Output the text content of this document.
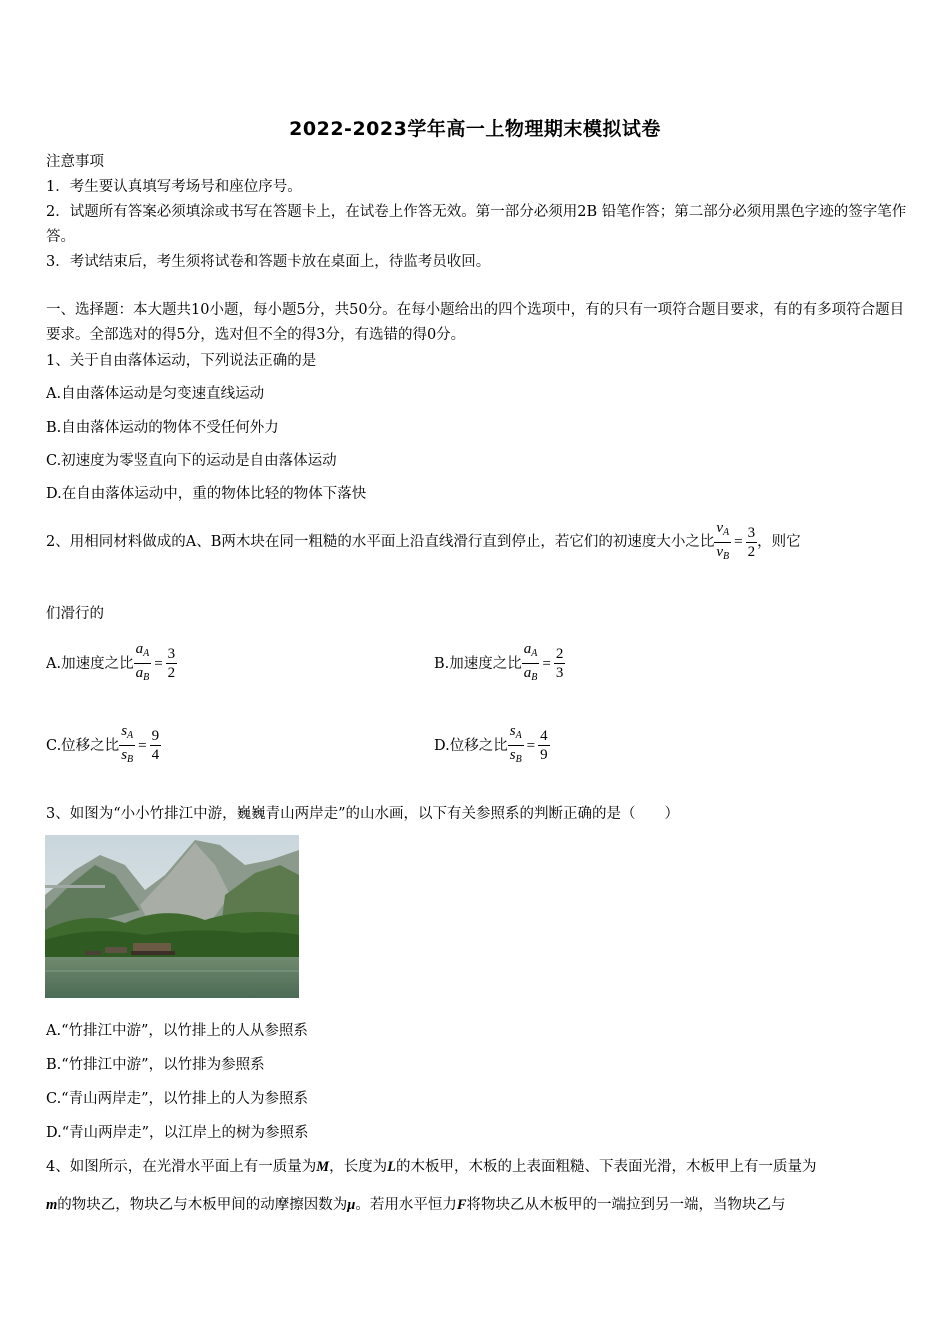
2022-2023学年高一上物理期末模拟试卷
注意事项
1．考生要认真填写考场号和座位序号。
2．试题所有答案必须填涂或书写在答题卡上，在试卷上作答无效。第一部分必须用2B 铅笔作答；第二部分必须用黑色字迹的签字笔作答。
3．考试结束后，考生须将试卷和答题卡放在桌面上，待监考员收回。
一、选择题：本大题共10小题，每小题5分，共50分。在每小题给出的四个选项中，有的只有一项符合题目要求，有的有多项符合题目要求。全部选对的得5分，选对但不全的得3分，有选错的得0分。
1、关于自由落体运动，下列说法正确的是
A.自由落体运动是匀变速直线运动
B.自由落体运动的物体不受任何外力
C.初速度为零竖直向下的运动是自由落体运动
D.在自由落体运动中，重的物体比轻的物体下落快
2、用相同材料做成的A、B两木块在同一粗糙的水平面上沿直线滑行直到停止，若它们的初速度大小之比 $\frac{v_A}{v_B} = \frac{3}{2}$ ，则它
们滑行的
A.加速度之比 $\frac{a_A}{a_B} = \frac{3}{2}$	B.加速度之比 $\frac{a_A}{a_B} = \frac{2}{3}$
C.位移之比 $\frac{s_A}{s_B} = \frac{9}{4}$	D.位移之比 $\frac{s_A}{s_B} = \frac{4}{9}$
3、如图为“小小竹排江中游，巍巍青山两岸走”的山水画，以下有关参照系的判断正确的是（　　）
A.“竹排江中游”，以竹排上的人从参照系
B.“竹排江中游”，以竹排为参照系
C.“青山两岸走”，以竹排上的人为参照系
D.“青山两岸走”，以江岸上的树为参照系
4、如图所示，在光滑水平面上有一质量为M，长度为L的木板甲，木板的上表面粗糙、下表面光滑，木板甲上有一质量为
m的物块乙，物块乙与木板甲间的动摩擦因数为μ。若用水平恒力F将物块乙从木板甲的一端拉到另一端，当物块乙与
